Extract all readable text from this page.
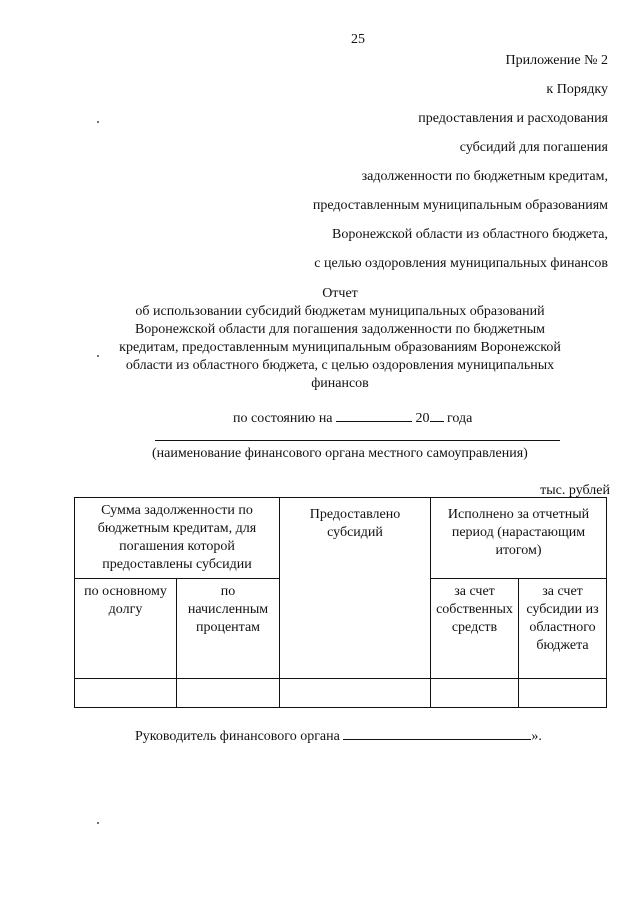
25
Приложение № 2
к Порядку
предоставления и расходования
субсидий для погашения
задолженности по бюджетным кредитам,
предоставленным муниципальным образованиям
Воронежской области из областного бюджета,
с целью оздоровления муниципальных финансов
Отчет
об использовании субсидий бюджетам муниципальных образований
Воронежской области для погашения задолженности по бюджетным
кредитам, предоставленным муниципальным образованиям Воронежской
области из областного бюджета, с целью оздоровления муниципальных
финансов
по состоянию на	20 года
(наименование финансового органа местного самоуправления)
тыс. рублей
Сумма задолженности по бюджетным кредитам, для погашения которой предоставлены субсидии		Предоставлено субсидий	Исполнено за отчетный период (нарастающим итогом)	
по основному долгу	по начисленным процентам		за счет собственных средств	за счет субсидии из областного бюджета

Руководитель финансового органа	».
